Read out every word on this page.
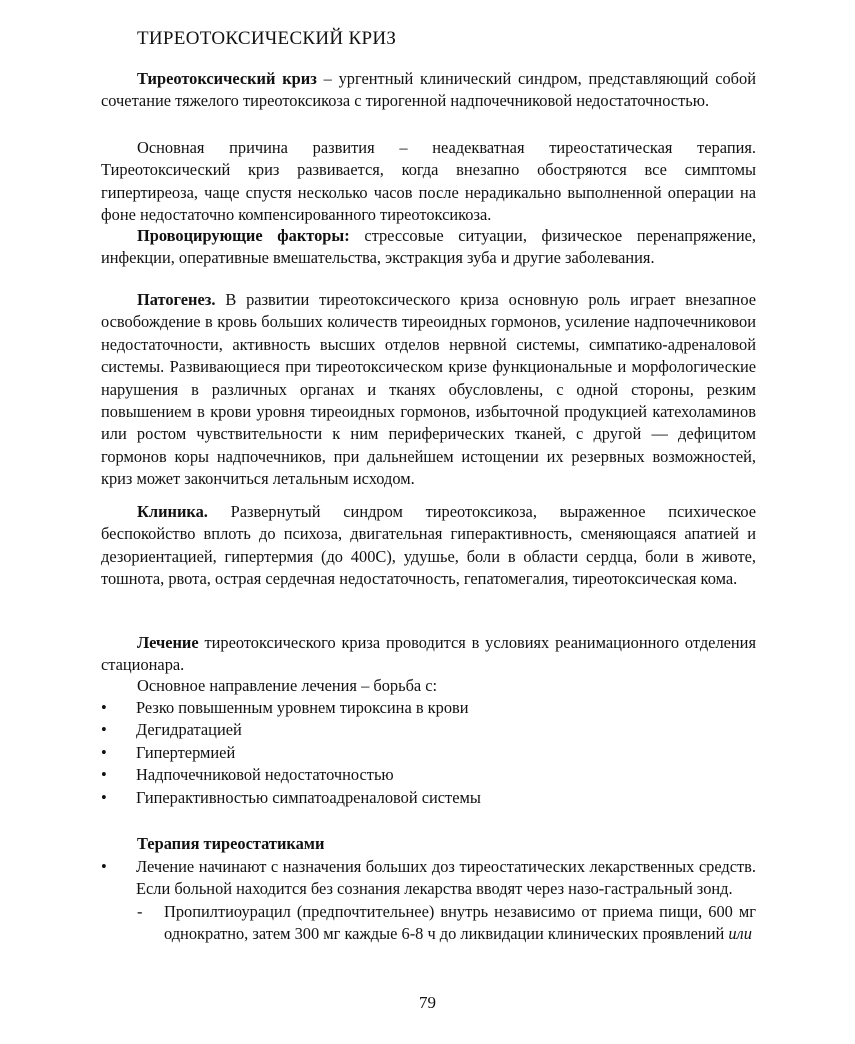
ТИРЕОТОКСИЧЕСКИЙ КРИЗ

Тиреотоксический криз – ургентный клинический синдром, представляющий собой сочетание тяжелого тиреотоксикоза с тирогенной надпочечниковой недостаточностью.

Основная причина развития – неадекватная тиреостатическая терапия. Тиреотоксический криз развивается, когда внезапно обостряются все симптомы гипертиреоза, чаще спустя несколько часов после нерадикально выполненной операции на фоне недостаточно компенсированного тиреотоксикоза.

Провоцирующие факторы: стрессовые ситуации, физическое перенапряжение, инфекции, оперативные вмешательства, экстракция зуба и другие заболевания.

Патогенез. В развитии тиреотоксического криза основную роль играет внезапное освобождение в кровь больших количеств тиреоидных гормонов, усиление надпочечниковои недостаточности, активность высших отделов нервной системы, симпатико-адреналовой системы. Развивающиеся при тиреотоксическом кризе функциональные и морфологические нарушения в различных органах и тканях обусловлены, с одной стороны, резким повышением в крови уровня тиреоидных гормонов, избыточной продукцией катехоламинов или ростом чувствительности к ним периферических тканей, с другой — дефицитом гормонов коры надпочечников, при дальнейшем истощении их резервных возможностей, криз может закончиться летальным исходом.

Клиника. Развернутый синдром тиреотоксикоза, выраженное психическое беспокойство вплоть до психоза, двигательная гиперактивность, сменяющаяся апатией и дезориентацией, гипертермия (до 400С), удушье, боли в области сердца, боли в животе, тошнота, рвота, острая сердечная недостаточность, гепатомегалия, тиреотоксическая кома.

Лечение тиреотоксического криза проводится в условиях реанимационного отделения стационара.

Основное направление лечения – борьба с:

• Резко повышенным уровнем тироксина в крови
• Дегидратацией
• Гипертермией
• Надпочечниковой недостаточностью
• Гиперактивностью симпатоадреналовой системы

Терапия тиреостатиками

• Лечение начинают с назначения больших доз тиреостатических лекарственных средств. Если больной находится без сознания лекарства вводят через назо-гастральный зонд.
- Пропилтиоурацил (предпочтительнее) внутрь независимо от приема пищи, 600 мг однократно, затем 300 мг каждые 6-8 ч до ликвидации клинических проявлений или
79
